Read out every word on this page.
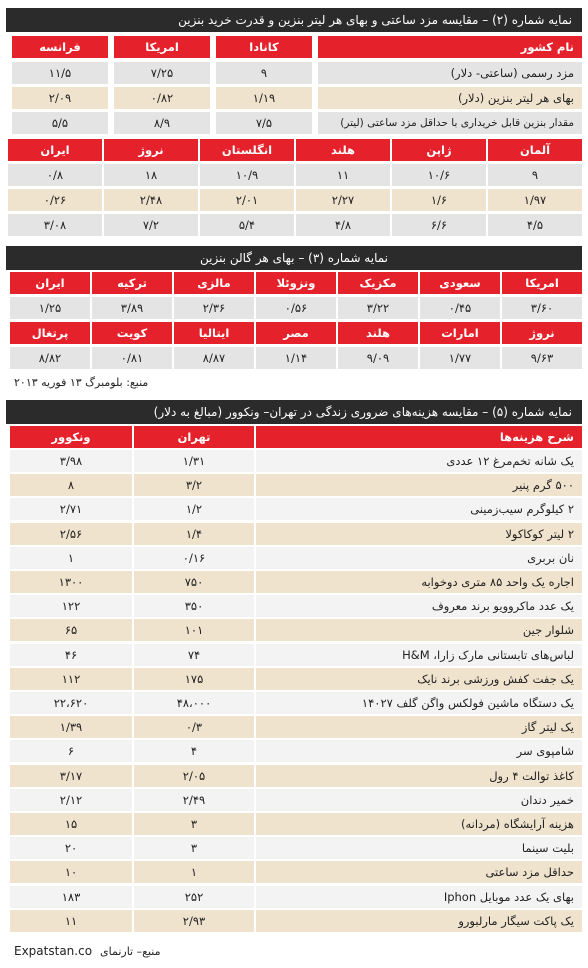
نمایه شماره (۲) – مقایسه مزد ساعتی و بهای هر لیتر بنزین و قدرت خرید بنزین
نام کشور
کانادا
امریکا
فرانسه
مزد رسمی (ساعتی- دلار)
۹
۷/۲۵
۱۱/۵
بهای هر لیتر بنزین (دلار)
۱/۱۹
۰/۸۲
۲/۰۹
مقدار بنزین قابل خریداری با حداقل مزد ساعتی (لیتر)
۷/۵
۸/۹
۵/۵
آلمان
ژاپن
هلند
انگلستان
نروژ
ایران
۹
۱۰/۶
۱۱
۱۰/۹
۱۸
۰/۸
۱/۹۷
۱/۶
۲/۲۷
۲/۰۱
۲/۴۸
۰/۲۶
۴/۵
۶/۶
۴/۸
۵/۴
۷/۲
۳/۰۸
نمایه شماره (۳) – بهای هر گالن بنزین
امریکا
سعودی
مکزیک
ونزوئلا
مالزی
ترکیه
ایران
۳/۶۰
۰/۴۵
۳/۲۲
۰/۵۶
۲/۳۶
۳/۸۹
۱/۲۵
نروژ
امارات
هلند
مصر
ایتالیا
کویت
پرتغال
۹/۶۳
۱/۷۷
۹/۰۹
۱/۱۴
۸/۸۷
۰/۸۱
۸/۸۲
منبع: بلومبرگ ۱۳ فوریه ۲۰۱۳
نمایه شماره (۵) – مقایسه هزینه‌های ضروری زندگی در تهران– ونکوور (مبالغ به دلار)
شرح هزینه‌ها
تهران
ونکوور
یک شانه تخم‌مرغ ۱۲ عددی
۱/۳۱
۳/۹۸
۵۰۰ گرم پنیر
۳/۲
۸
۲ کیلوگرم سیب‌زمینی
۱/۲
۲/۷۱
۲ لیتر کوکاکولا
۱/۴
۲/۵۶
نان بربری
۰/۱۶
۱
اجاره یک واحد ۸۵ متری دوخوابه
۷۵۰
۱۳۰۰
یک عدد ماکروویو برند معروف
۳۵۰
۱۲۲
شلوار جین
۱۰۱
۶۵
لباس‌های تابستانی مارک زارا، H&M
۷۴
۴۶
یک جفت کفش ورزشی برند نایک
۱۷۵
۱۱۲
یک دستگاه ماشین فولکس واگن گلف ۱۴۰۲۷
۴۸،۰۰۰
۲۲،۶۲۰
یک لیتر گاز
۰/۳
۱/۳۹
شامپوی سر
۴
۶
کاغذ توالت ۴ رول
۲/۰۵
۳/۱۷
خمیر دندان
۲/۴۹
۲/۱۲
هزینه آرایشگاه (مردانه)
۳
۱۵
بلیت سینما
۳
۲۰
حداقل مزد ساعتی
۱
۱۰
بهای یک عدد موبایل Iphon
۲۵۲
۱۸۳
یک پاکت سیگار مارلبورو
۲/۹۳
۱۱
Expatstan.co منبع– تارنمای
